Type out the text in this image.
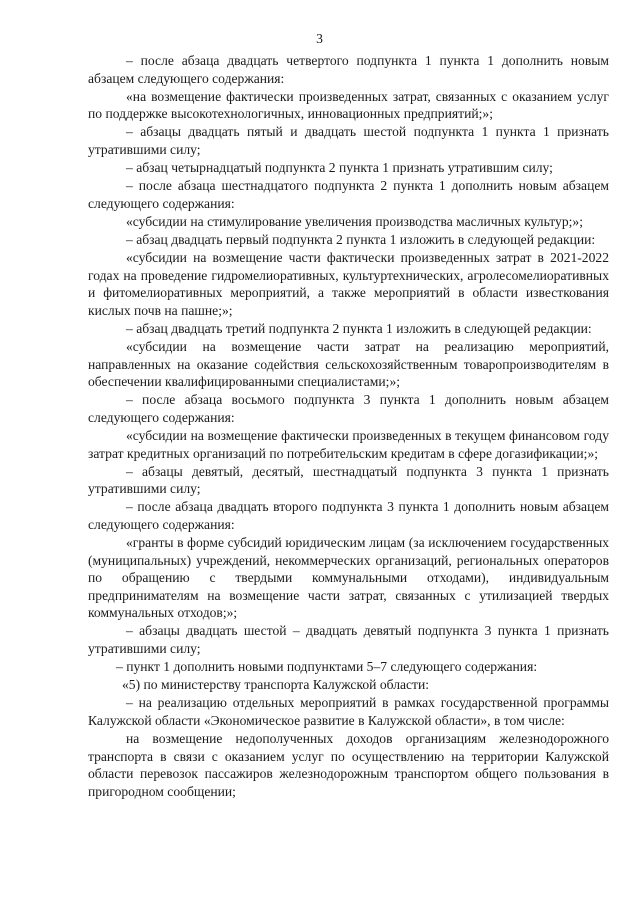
3

– после абзаца двадцать четвертого подпункта 1 пункта 1 дополнить новым абзацем следующего содержания:

«на возмещение фактически произведенных затрат, связанных с оказанием услуг по поддержке высокотехнологичных, инновационных предприятий;»;

– абзацы двадцать пятый и двадцать шестой подпункта 1 пункта 1 признать утратившими силу;

– абзац четырнадцатый подпункта 2 пункта 1 признать утратившим силу;

– после абзаца шестнадцатого подпункта 2 пункта 1 дополнить новым абзацем следующего содержания:

«субсидии на стимулирование увеличения производства масличных культур;»;

– абзац двадцать первый подпункта 2 пункта 1 изложить в следующей редакции:

«субсидии на возмещение части фактически произведенных затрат в 2021-2022 годах на проведение гидромелиоративных, культуртехнических, агролесомелиоративных и фитомелиоративных мероприятий, а также мероприятий в области известкования кислых почв на пашне;»;

– абзац двадцать третий подпункта 2 пункта 1 изложить в следующей редакции:

«субсидии на возмещение части затрат на реализацию мероприятий, направленных на оказание содействия сельскохозяйственным товаропроизводителям в обеспечении квалифицированными специалистами;»;

– после абзаца восьмого подпункта 3 пункта 1 дополнить новым абзацем следующего содержания:

«субсидии на возмещение фактически произведенных в текущем финансовом году затрат кредитных организаций по потребительским кредитам в сфере догазификации;»;

– абзацы девятый, десятый, шестнадцатый подпункта 3 пункта 1 признать утратившими силу;

– после абзаца двадцать второго подпункта 3 пункта 1 дополнить новым абзацем следующего содержания:

«гранты в форме субсидий юридическим лицам (за исключением государственных (муниципальных) учреждений, некоммерческих организаций, региональных операторов по обращению с твердыми коммунальными отходами), индивидуальным предпринимателям на возмещение части затрат, связанных с утилизацией твердых коммунальных отходов;»;

– абзацы двадцать шестой – двадцать девятый подпункта 3 пункта 1 признать утратившими силу;

– пункт 1 дополнить новыми подпунктами 5–7 следующего содержания:

«5) по министерству транспорта Калужской области:

– на реализацию отдельных мероприятий в рамках государственной программы Калужской области «Экономическое развитие в Калужской области», в том числе:

на возмещение недополученных доходов организациям железнодорожного транспорта в связи с оказанием услуг по осуществлению на территории Калужской области перевозок пассажиров железнодорожным транспортом общего пользования в пригородном сообщении;
